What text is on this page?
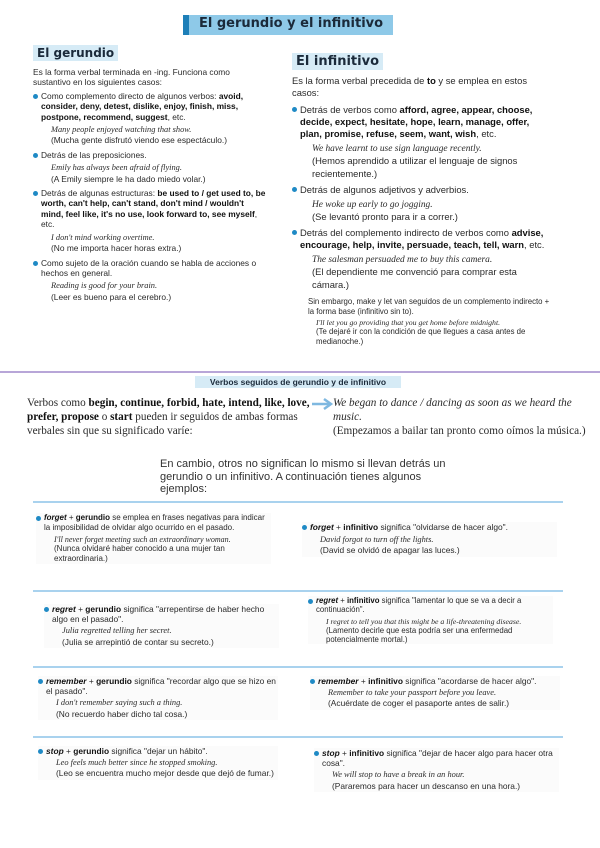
El gerundio y el infinitivo
El gerundio
Es la forma verbal terminada en -ing. Funciona como sustantivo en los siguientes casos:
Como complemento directo de algunos verbos: avoid, consider, deny, detest, dislike, enjoy, finish, miss, postpone, recommend, suggest, etc.
Many people enjoyed watching that show.
(Mucha gente disfrutó viendo ese espectáculo.)
Detrás de las preposiciones.
Emily has always been afraid of flying.
(A Emily siempre le ha dado miedo volar.)
Detrás de algunas estructuras: be used to / get used to, be worth, can't help, can't stand, don't mind / wouldn't mind, feel like, it's no use, look forward to, see myself, etc.
I don't mind working overtime.
(No me importa hacer horas extra.)
Como sujeto de la oración cuando se habla de acciones o hechos en general.
Reading is good for your brain.
(Leer es bueno para el cerebro.)
El infinitivo
Es la forma verbal precedida de to y se emplea en estos casos:
Detrás de verbos como afford, agree, appear, choose, decide, expect, hesitate, hope, learn, manage, offer, plan, promise, refuse, seem, want, wish, etc.
We have learnt to use sign language recently.
(Hemos aprendido a utilizar el lenguaje de signos recientemente.)
Detrás de algunos adjetivos y adverbios.
He woke up early to go jogging.
(Se levantó pronto para ir a correr.)
Detrás del complemento indirecto de verbos como advise, encourage, help, invite, persuade, teach, tell, warn, etc.
The salesman persuaded me to buy this camera.
(El dependiente me convenció para comprar esta cámara.)
Sin embargo, make y let van seguidos de un complemento indirecto + la forma base (infinitivo sin to).
I'll let you go providing that you get home before midnight.
(Te dejaré ir con la condición de que llegues a casa antes de medianoche.)
Verbos seguidos de gerundio y de infinitivo
Verbos como begin, continue, forbid, hate, intend, like, love, prefer, propose o start pueden ir seguidos de ambas formas verbales sin que su significado varíe:
We began to dance / dancing as soon as we heard the music.
(Empezamos a bailar tan pronto como oímos la música.)
En cambio, otros no significan lo mismo si llevan detrás un gerundio o un infinitivo. A continuación tienes algunos ejemplos:
forget + gerundio se emplea en frases negativas para indicar la imposibilidad de olvidar algo ocurrido en el pasado.
I'll never forget meeting such an extraordinary woman.
(Nunca olvidaré haber conocido a una mujer tan extraordinaria.)
forget + infinitivo significa "olvidarse de hacer algo".
David forgot to turn off the lights.
(David se olvidó de apagar las luces.)
regret + gerundio significa "arrepentirse de haber hecho algo en el pasado".
Julia regretted telling her secret.
(Julia se arrepintió de contar su secreto.)
regret + infinitivo significa "lamentar lo que se va a decir a continuación".
I regret to tell you that this might be a life-threatening disease.
(Lamento decirle que esta podría ser una enfermedad potencialmente mortal.)
remember + gerundio significa "recordar algo que se hizo en el pasado".
I don't remember saying such a thing.
(No recuerdo haber dicho tal cosa.)
remember + infinitivo significa "acordarse de hacer algo".
Remember to take your passport before you leave.
(Acuérdate de coger el pasaporte antes de salir.)
stop + gerundio significa "dejar un hábito".
Leo feels much better since he stopped smoking.
(Leo se encuentra mucho mejor desde que dejó de fumar.)
stop + infinitivo significa "dejar de hacer algo para hacer otra cosa".
We will stop to have a break in an hour.
(Pararemos para hacer un descanso en una hora.)
